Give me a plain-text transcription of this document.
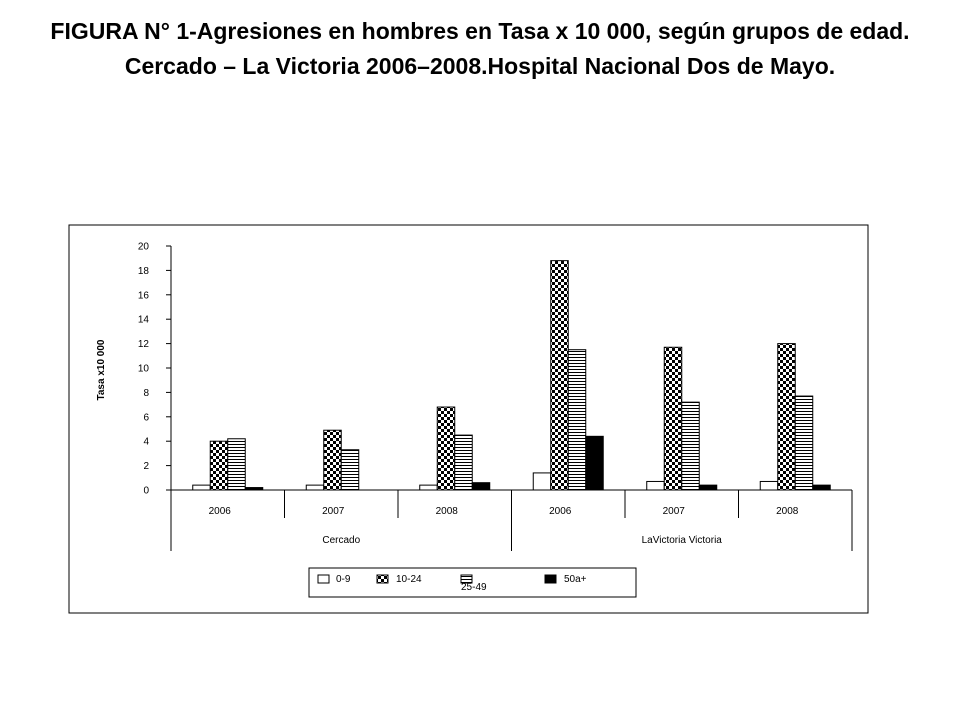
FIGURA N° 1-Agresiones en hombres en Tasa x 10 000, según grupos de edad. Cercado – La Victoria 2006–2008.Hospital Nacional Dos de Mayo.
0
2
4
6
8
10
12
14
16
18
20
Tasa x10 000
2006	2007	2008	2006	2007	2008
Cercado	LaVictoria Victoria
0-9	10-24
25-49
50a+
